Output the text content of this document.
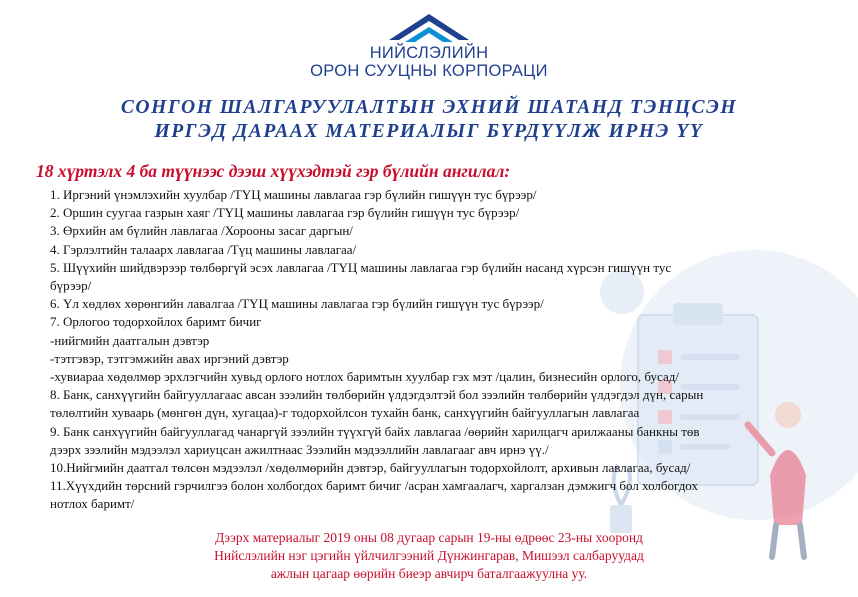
НИЙСЛЭЛИЙН
ОРОН СУУЦНЫ КОРПОРАЦИ
СОНГОН ШАЛГАРУУЛАЛТЫН ЭХНИЙ ШАТАНД ТЭНЦСЭН
ИРГЭД ДАРААХ МАТЕРИАЛЫГ БҮРДҮҮЛЖ ИРНЭ ҮҮ
18 хүртэлх 4 ба түүнээс дээш хүүхэдтэй гэр бүлийн ангилал:
1. Иргэний үнэмлэхийн хуулбар /ТҮЦ машины лавлагаа гэр бүлийн гишүүн тус бүрээр/
2. Оршин суугаа газрын хаяг /ТҮЦ машины лавлагаа гэр бүлийн гишүүн тус бүрээр/
3. Өрхийн ам бүлийн лавлагаа /Хорооны засаг даргын/
4. Гэрлэлтийн талаарх лавлагаа /Түц машины лавлагаа/
5. Шүүхийн шийдвэрээр төлбөргүй эсэх лавлагаа /ТҮЦ машины лавлагаа гэр бүлийн насанд хүрсэн гишүүн тус
бүрээр/
6. Үл хөдлөх хөрөнгийн лавалгаа /ТҮЦ машины лавлагаа гэр бүлийн гишүүн тус бүрээр/
7. Орлогоо тодорхойлох баримт бичиг
-нийгмийн даатгалын дэвтэр
-тэтгэвэр, тэтгэмжийн авах иргэний дэвтэр
-хувиараа хөдөлмөр эрхлэгчийн хувьд орлого нотлох баримтын хуулбар гэх мэт /цалин, бизнесийн орлого, бусад/
8. Банк, санхүүгийн байгууллагаас авсан зээлийн төлбөрийн үлдэгдэлтэй бол зээлийн төлбөрийн үлдэгдэл дүн, сарын
төлөлтийн хуваарь (мөнгөн дүн, хугацаа)-г тодорхойлсон тухайн банк, санхүүгийн байгууллагын лавлагаа
9. Банк санхүүгийн байгууллагад чанаргүй зээлийн түүхгүй байх лавлагаа /өөрийн харилцагч арилжааны банкны төв
дээрх зээлийн мэдээлэл хариуцсан ажилтнаас Зээлийн мэдээллийн лавлагааг авч ирнэ үү./
10.Нийгмийн даатгал төлсөн мэдээлэл /хөдөлмөрийн дэвтэр, байгууллагын тодорхойлолт, архивын лавлагаа, бусад/
11.Хүүхдийн төрсний гэрчилгээ болон холбогдох баримт бичиг /асран хамгаалагч, харгалзан дэмжигч бол холбогдох
нотлох баримт/
Дээрх материалыг 2019 оны 08 дугаар сарын 19-ны өдрөөс 23-ны хооронд
Нийслэлийн нэг цэгийн үйлчилгээний Дүнжингарав, Мишээл салбаруудад
ажлын цагаар өөрийн биеэр авчирч баталгаажуулна уу.
